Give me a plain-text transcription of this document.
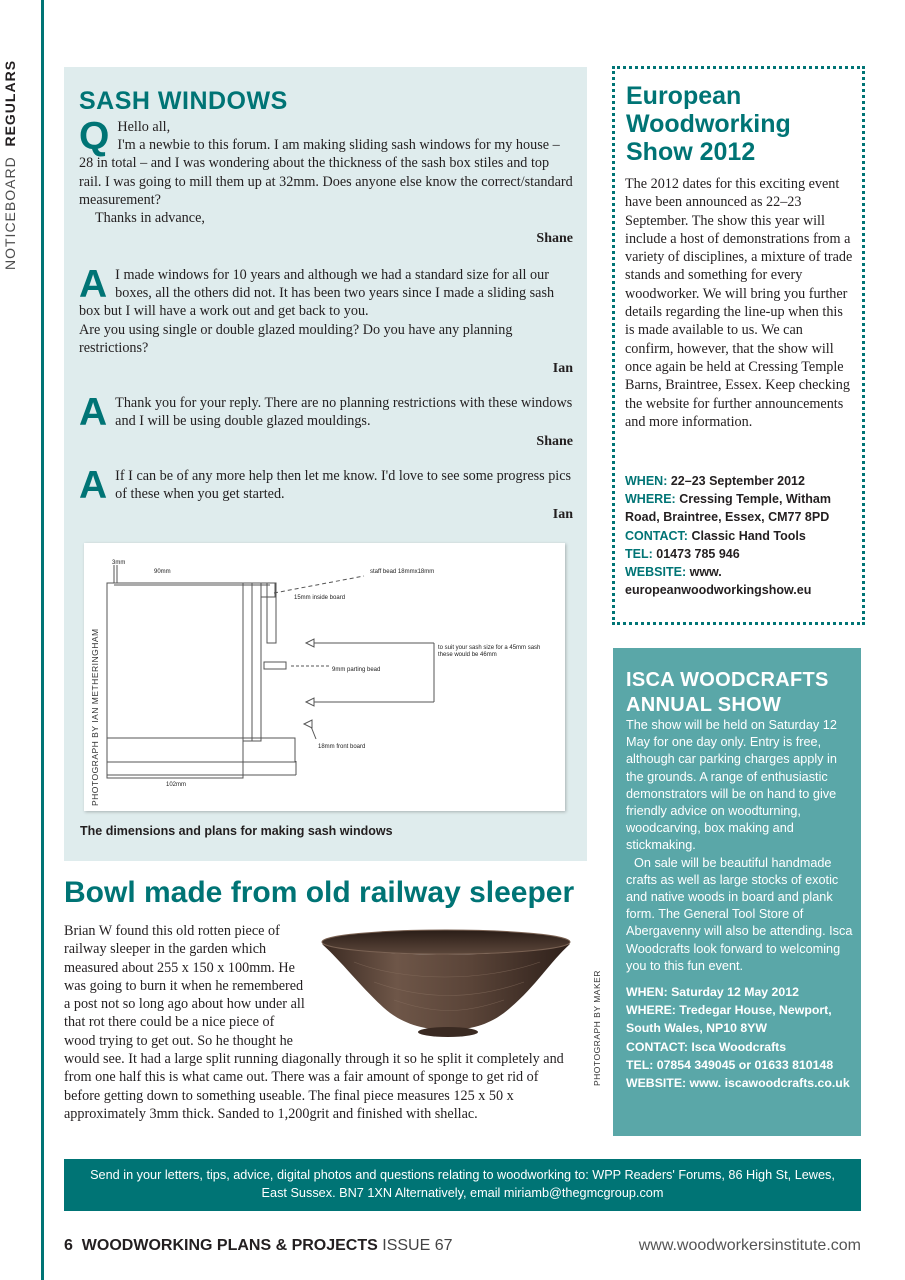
NOTICEBOARD  REGULARS SASH WINDOWS
Q Hello all,
I'm a newbie to this forum. I am making sliding sash windows for my house – 28 in total – and I was wondering about the thickness of the sash box stiles and top rail. I was going to mill them up at 32mm. Does anyone else know the correct/standard measurement?
Thanks in advance,
Shane
A I made windows for 10 years and although we had a standard size for all our boxes, all the others did not. It has been two years since I made a sliding sash box but I will have a work out and get back to you.
Are you using single or double glazed moulding? Do you have any planning restrictions?
Ian
A Thank you for your reply. There are no planning restrictions with these windows and I will be using double glazed mouldings.
Shane
A If I can be of any more help then let me know. I'd love to see some progress pics of these when you get started.
Ian
3mm
90mm	staff bead 18mmx18mm
15mm inside board
to suit your sash size for a 45mm sash
these would be 46mm
9mm parting bead
18mm front board
102mm
PHOTOGRAPH BY IAN METHERINGHAM
The dimensions and plans for making sash windows
Bowl made from old railway sleeper
Brian W found this old rotten piece of railway sleeper in the garden which measured about 255 x 150 x 100mm. He was going to burn it when he remembered a post not so long ago about how under all that rot there could be a nice piece of wood trying to get out. So he thought he would see. It had a large split running diagonally through it so he split it completely and from one half this is what came out. There was a fair amount of sponge to get rid of before getting down to something useable. The final piece measures 125 x 50 x approximately 3mm thick. Sanded to 1,200grit and finished with shellac.
PHOTOGRAPH BY MAKER
European Woodworking Show 2012
The 2012 dates for this exciting event have been announced as 22–23 September. The show this year will include a host of demonstrations from a variety of disciplines, a mixture of trade stands and something for every woodworker. We will bring you further details regarding the line-up when this is made available to us. We can confirm, however, that the show will once again be held at Cressing Temple Barns, Braintree, Essex. Keep checking the website for further announcements and more information.
WHEN: 22–23 September 2012
WHERE: Cressing Temple, Witham Road, Braintree, Essex, CM77 8PD
CONTACT: Classic Hand Tools
TEL: 01473 785 946
WEBSITE: www. europeanwoodworkingshow.eu
ISCA WOODCRAFTS ANNUAL SHOW
The show will be held on Saturday 12 May for one day only. Entry is free, although car parking charges apply in the grounds. A range of enthusiastic demonstrators will be on hand to give friendly advice on woodturning, woodcarving, box making and stickmaking.
On sale will be beautiful handmade crafts as well as large stocks of exotic and native woods in board and plank form. The General Tool Store of Abergavenny will also be attending. Isca Woodcrafts look forward to welcoming you to this fun event.
WHEN: Saturday 12 May 2012
WHERE: Tredegar House, Newport, South Wales, NP10 8YW
CONTACT: Isca Woodcrafts
TEL: 07854 349045 or 01633 810148
WEBSITE: www. iscawoodcrafts.co.uk
Send in your letters, tips, advice, digital photos and questions relating to woodworking to: WPP Readers' Forums, 86 High St, Lewes, East Sussex. BN7 1XN Alternatively, email miriamb@thegmcgroup.com
6 WOODWORKING PLANS & PROJECTS ISSUE 67	www.woodworkersinstitute.com
